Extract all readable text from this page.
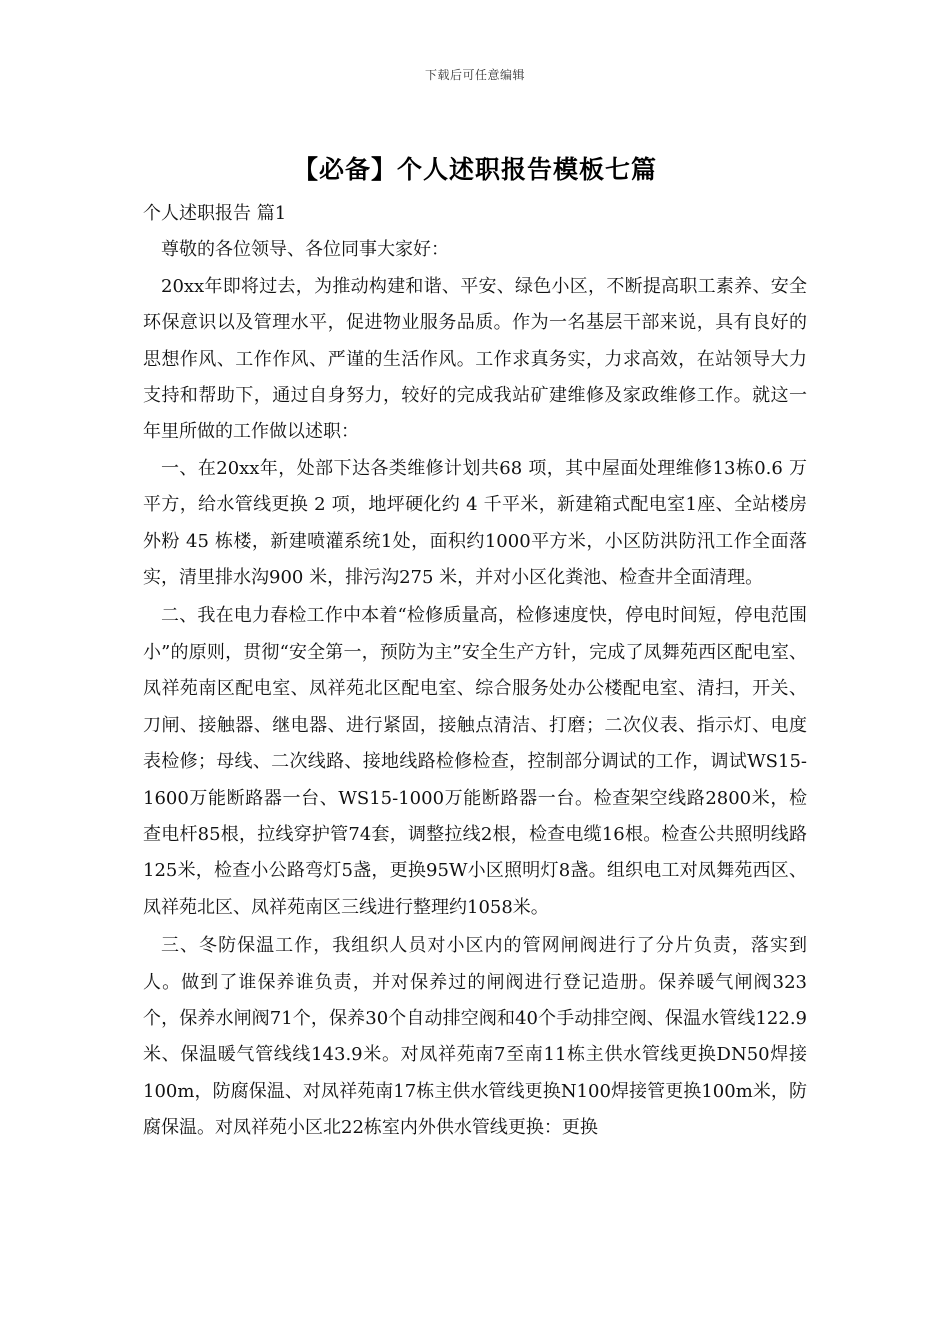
下载后可任意编辑
【必备】个人述职报告模板七篇

个人述职报告 篇1

尊敬的各位领导、各位同事大家好：

20xx年即将过去，为推动构建和谐、平安、绿色小区，不断提高职工素养、安全环保意识以及管理水平，促进物业服务品质。作为一名基层干部来说，具有良好的思想作风、工作作风、严谨的生活作风。工作求真务实，力求高效，在站领导大力支持和帮助下，通过自身努力，较好的完成我站矿建维修及家政维修工作。就这一年里所做的工作做以述职：

一、在20xx年，处部下达各类维修计划共68 项，其中屋面处理维修13栋0.6 万平方，给水管线更换 2 项，地坪硬化约 4 千平米，新建箱式配电室1座、全站楼房外粉 45 栋楼，新建喷灌系统1处，面积约1000平方米，小区防洪防汛工作全面落实，清里排水沟900 米，排污沟275 米，并对小区化粪池、检查井全面清理。

二、我在电力春检工作中本着“检修质量高，检修速度快，停电时间短，停电范围小”的原则，贯彻“安全第一，预防为主”安全生产方针，完成了凤舞苑西区配电室、凤祥苑南区配电室、凤祥苑北区配电室、综合服务处办公楼配电室、清扫，开关、刀闸、接触器、继电器、进行紧固，接触点清洁、打磨；二次仪表、指示灯、电度表检修；母线、二次线路、接地线路检修检查，控制部分调试的工作，调试WS15-1600万能断路器一台、WS15-1000万能断路器一台。检查架空线路2800米，检查电杆85根，拉线穿护管74套，调整拉线2根，检查电缆16根。检查公共照明线路125米，检查小公路弯灯5盏，更换95W小区照明灯8盏。组织电工对凤舞苑西区、凤祥苑北区、凤祥苑南区三线进行整理约1058米。

三、冬防保温工作，我组织人员对小区内的管网闸阀进行了分片负责，落实到人。做到了谁保养谁负责，并对保养过的闸阀进行登记造册。保养暖气闸阀323个，保养水闸阀71个，保养30个自动排空阀和40个手动排空阀、保温水管线122.9米、保温暖气管线线143.9米。对凤祥苑南7至南11栋主供水管线更换DN50焊接100m，防腐保温、对凤祥苑南17栋主供水管线更换N100焊接管更换100m米，防腐保温。对凤祥苑小区北22栋室内外供水管线更换：更换
